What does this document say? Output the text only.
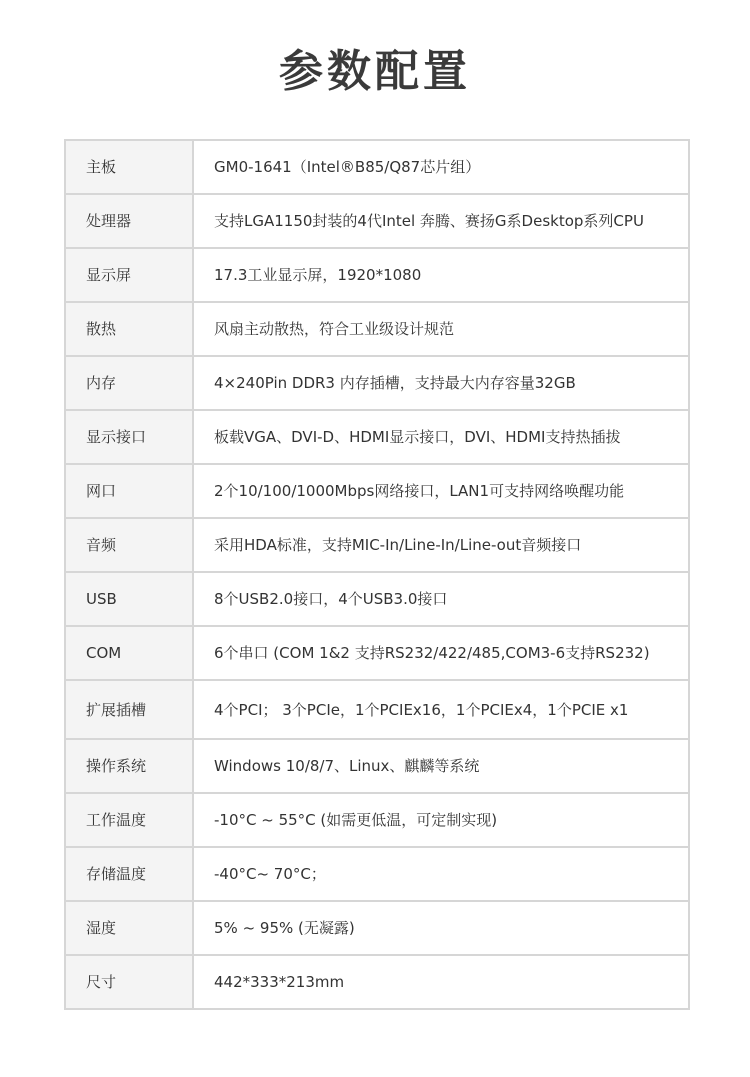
参数配置
主板	GM0-1641（Intel®B85/Q87芯片组）
处理器	支持LGA1150封装的4代Intel 奔腾、赛扬G系Desktop系列CPU
显示屏	17.3工业显示屏，1920*1080
散热	风扇主动散热，符合工业级设计规范
内存	4×240Pin DDR3 内存插槽，支持最大内存容量32GB
显示接口	板载VGA、DVI-D、HDMI显示接口，DVI、HDMI支持热插拔
网口	2个10/100/1000Mbps网络接口，LAN1可支持网络唤醒功能
音频	采用HDA标准，支持MIC-In/Line-In/Line-out音频接口
USB	8个USB2.0接口，4个USB3.0接口
COM	6个串口 (COM 1&2 支持RS232/422/485,COM3-6支持RS232)
扩展插槽	4个PCI； 3个PCIe，1个PCIEx16，1个PCIEx4，1个PCIE x1
操作系统	Windows 10/8/7、Linux、麒麟等系统
工作温度	-10°C ~ 55°C (如需更低温，可定制实现)
存储温度	-40°C~ 70°C；
湿度	5% ~ 95% (无凝露)
尺寸	442*333*213mm
